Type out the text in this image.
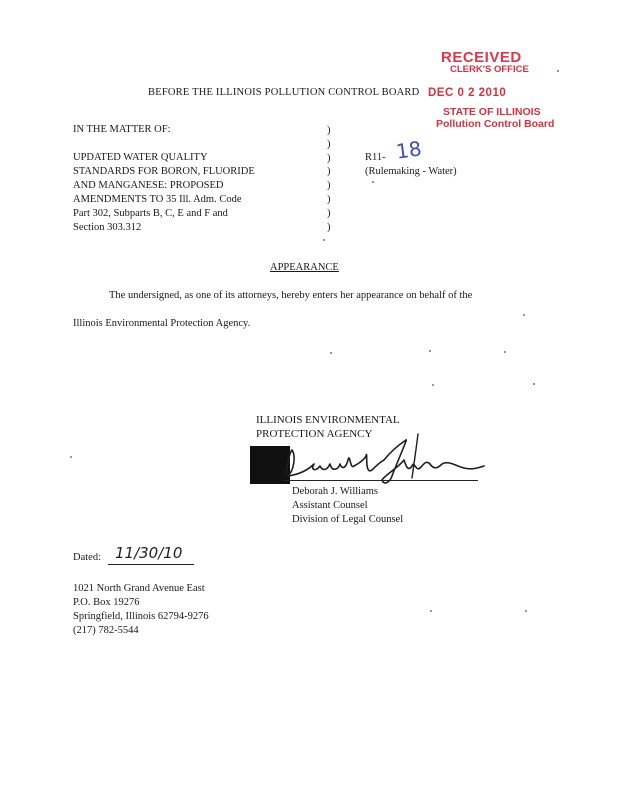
RECEIVED
CLERK'S OFFICE
DEC 0 2 2010
STATE OF ILLINOIS
Pollution Control Board
BEFORE THE ILLINOIS POLLUTION CONTROL BOARD
IN THE MATTER OF:
UPDATED WATER QUALITY
STANDARDS FOR BORON, FLUORIDE
AND MANGANESE: PROPOSED
AMENDMENTS TO 35 Ill. Adm. Code
Part 302, Subparts B, C, E and F and
Section 303.312
)
)
)
)
)
)
)
)
R11-
(Rulemaking - Water)
18
APPEARANCE
The undersigned, as one of its attorneys, hereby enters her appearance on behalf of the
Illinois Environmental Protection Agency.
ILLINOIS ENVIRONMENTAL
PROTECTION AGENCY
Deborah J. Williams
Assistant Counsel
Division of Legal Counsel
Dated: 11/30/10
1021 North Grand Avenue East
P.O. Box 19276
Springfield, Illinois 62794-9276
(217) 782-5544
